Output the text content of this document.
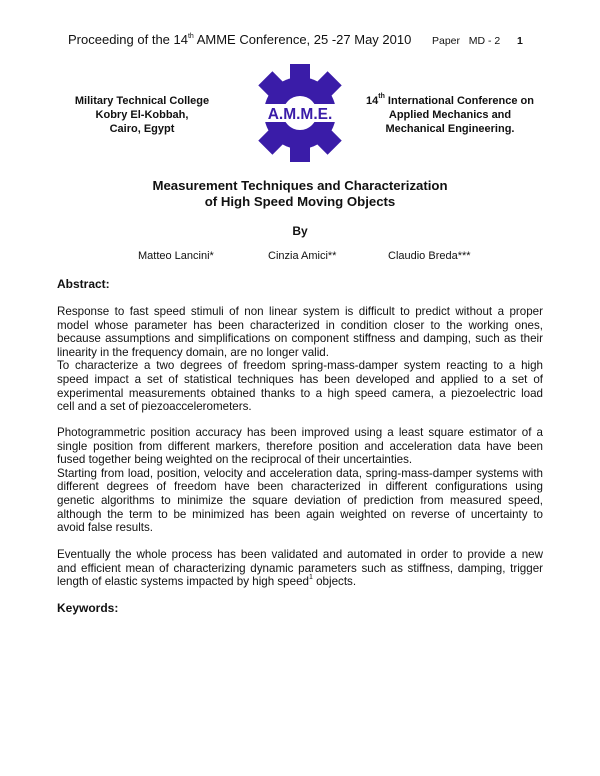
Proceeding of the 14th AMME Conference, 25 -27 May 2010 Paper   MD - 2 1
Military Technical College
Kobry El-Kobbah,
Cairo, Egypt
A.M.M.E.
14th International Conference on
Applied Mechanics and
Mechanical Engineering.
Measurement Techniques and Characterization
of High Speed Moving Objects
By
Matteo Lancini*	Cinzia Amici**	Claudio Breda***
Abstract:
Response to fast speed stimuli of non linear system is difficult to predict without a proper
model whose parameter has been characterized in condition closer to the working ones,
because assumptions and simplifications on component stiffness and damping, such as their
linearity in the frequency domain, are no longer valid.
To characterize a two degrees of freedom spring-mass-damper system reacting to a high
speed impact a set of statistical techniques has been developed and applied to a set of
experimental measurements obtained thanks to a high speed camera, a piezoelectric load
cell and a set of piezoaccelerometers.
Photogrammetric position accuracy has been improved using a least square estimator of a
single position from different markers, therefore position and acceleration data have been
fused together being weighted on the reciprocal of their uncertainties.
Starting from load, position, velocity and acceleration data, spring-mass-damper systems with
different degrees of freedom have been characterized in different configurations using
genetic algorithms to minimize the square deviation of prediction from measured speed,
although the term to be minimized has been again weighted on reverse of uncertainty to
avoid false results.
Eventually the whole process has been validated and automated in order to provide a new
and efficient mean of characterizing dynamic parameters such as stiffness, damping, trigger
length of elastic systems impacted by high speed$^1$ objects.
Keywords:
